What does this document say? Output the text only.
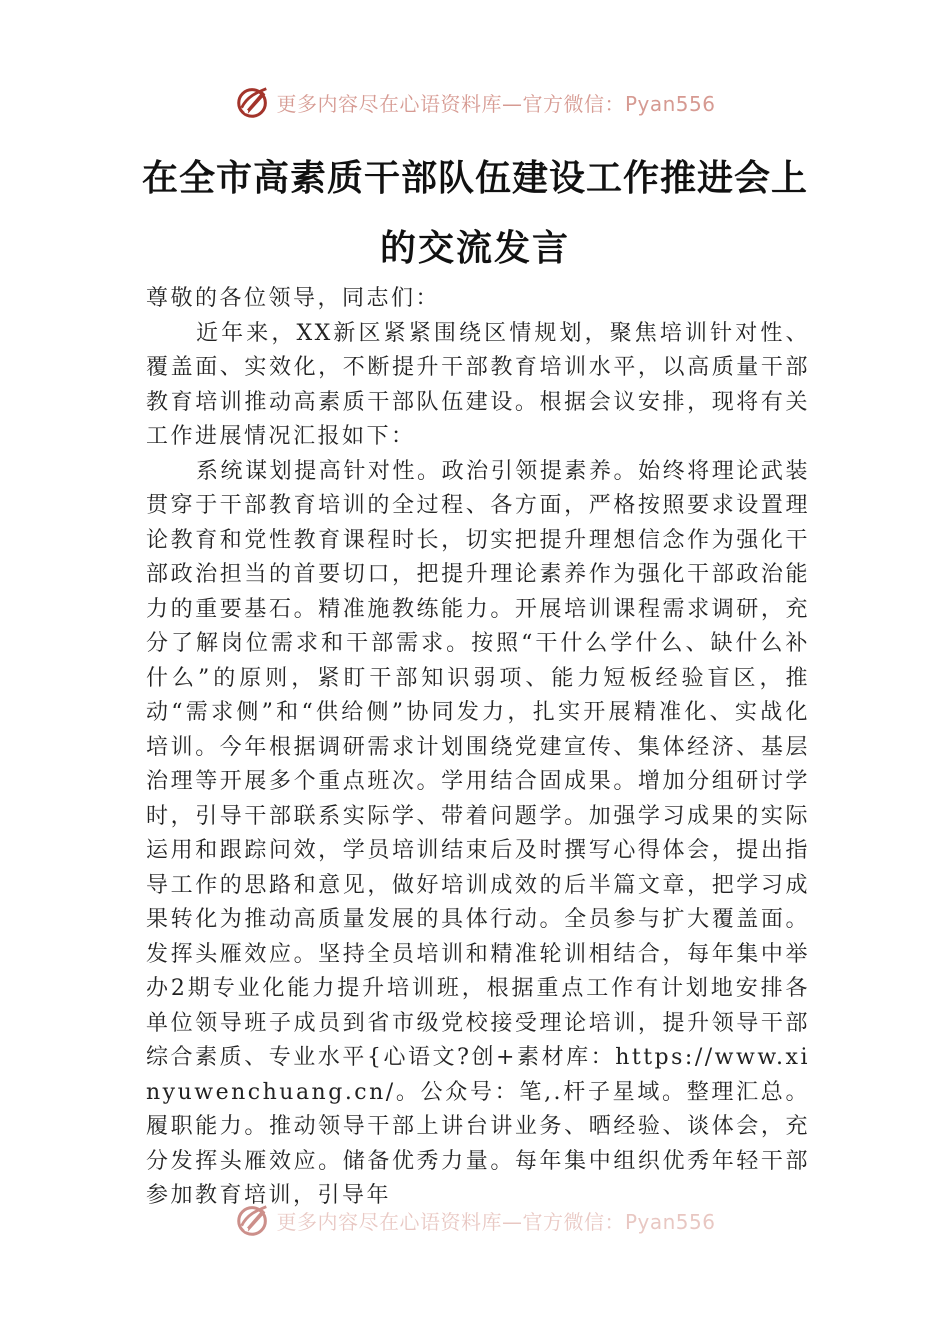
更多内容尽在心语资料库—官方微信：Pyan556
在全市高素质干部队伍建设工作推进会上
的交流发言

尊敬的各位领导，同志们：

近年来，XX新区紧紧围绕区情规划，聚焦培训针对性、覆盖面、实效化，不断提升干部教育培训水平，以高质量干部教育培训推动高素质干部队伍建设。根据会议安排，现将有关工作进展情况汇报如下：

系统谋划提高针对性。政治引领提素养。始终将理论武装贯穿于干部教育培训的全过程、各方面，严格按照要求设置理论教育和党性教育课程时长，切实把提升理想信念作为强化干部政治担当的首要切口，把提升理论素养作为强化干部政治能力的重要基石。精准施教练能力。开展培训课程需求调研，充分了解岗位需求和干部需求。按照“干什么学什么、缺什么补什么”的原则，紧盯干部知识弱项、能力短板经验盲区，推动“需求侧”和“供给侧”协同发力，扎实开展精准化、实战化培训。今年根据调研需求计划围绕党建宣传、集体经济、基层治理等开展多个重点班次。学用结合固成果。增加分组研讨学时，引导干部联系实际学、带着问题学。加强学习成果的实际运用和跟踪问效，学员培训结束后及时撰写心得体会，提出指导工作的思路和意见，做好培训成效的后半篇文章，把学习成果转化为推动高质量发展的具体行动。全员参与扩大覆盖面。发挥头雁效应。坚持全员培训和精准轮训相结合，每年集中举办2期专业化能力提升培训班，根据重点工作有计划地安排各单位领导班子成员到省市级党校接受理论培训，提升领导干部综合素质、专业水平{心语文?创+素材库：https://www.xinyuwenchuang.cn/。公众号：笔,.杆子星域。整理汇总。履职能力。推动领导干部上讲台讲业务、晒经验、谈体会，充分发挥头雁效应。储备优秀力量。每年集中组织优秀年轻干部参加教育培训，引导年

更多内容尽在心语资料库—官方微信：Pyan556
